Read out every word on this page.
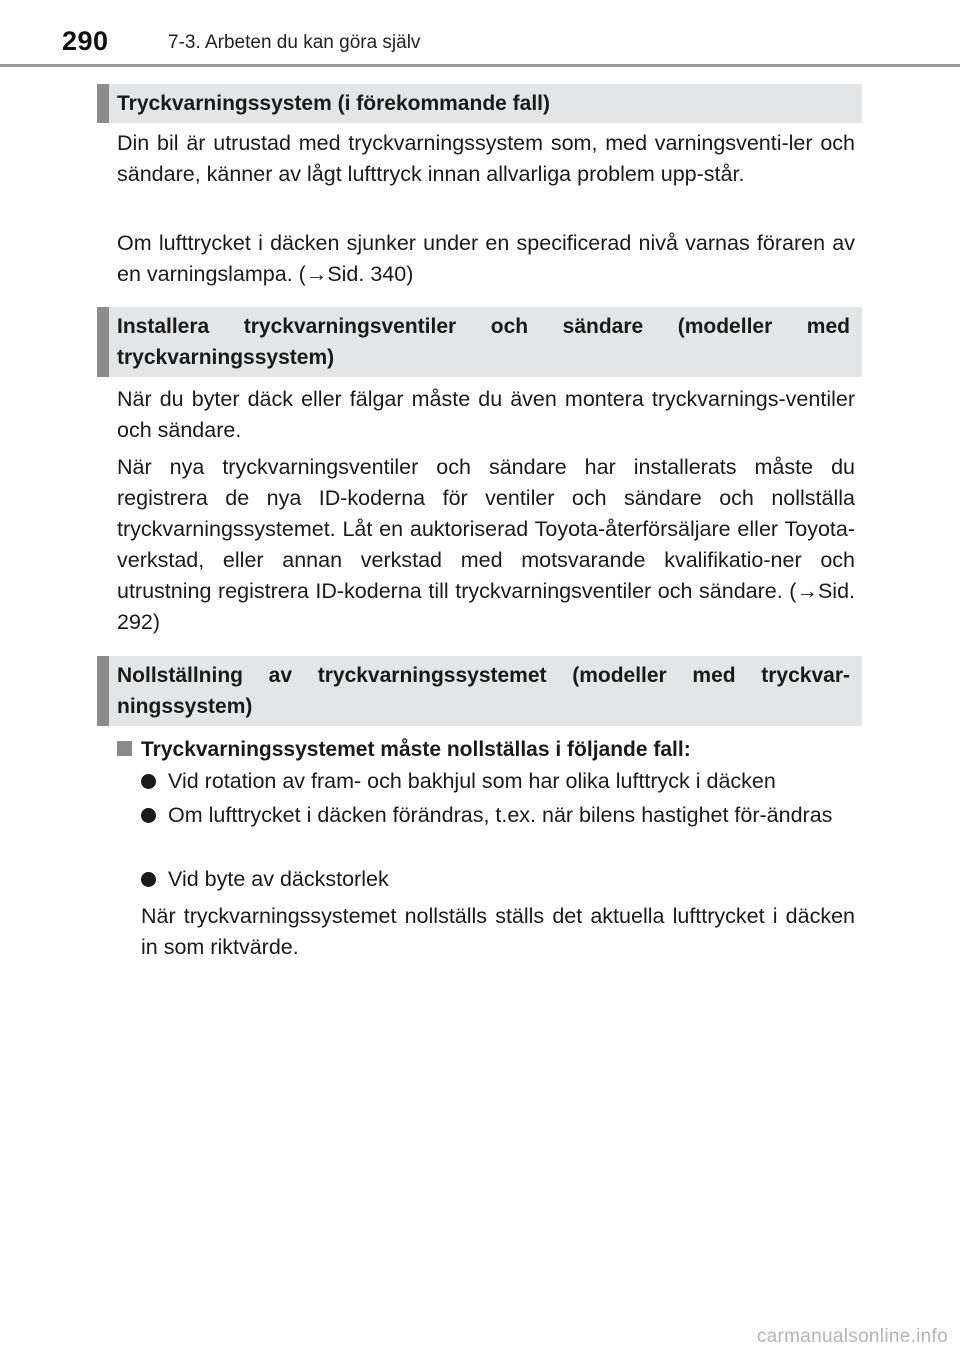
290	7-3. Arbeten du kan göra själv
Tryckvarningssystem (i förekommande fall)

Din bil är utrustad med tryckvarningssystem som, med varningsventi-ler och sändare, känner av lågt lufttryck innan allvarliga problem upp-står.

Om lufttrycket i däcken sjunker under en specificerad nivå varnas föraren av en varningslampa. (→Sid. 340)

Installera tryckvarningsventiler och sändare (modeller med tryckvarningssystem)

När du byter däck eller fälgar måste du även montera tryckvarnings-ventiler och sändare.

När nya tryckvarningsventiler och sändare har installerats måste du registrera de nya ID-koderna för ventiler och sändare och nollställa tryckvarningssystemet. Låt en auktoriserad Toyota-återförsäljare eller Toyota-verkstad, eller annan verkstad med motsvarande kvalifikatio-ner och utrustning registrera ID-koderna till tryckvarningsventiler och sändare. (→Sid. 292)

Nollställning av tryckvarningssystemet (modeller med tryckvar-ningssystem)
Tryckvarningssystemet måste nollställas i följande fall:
Vid rotation av fram- och bakhjul som har olika lufttryck i däcken
Om lufttrycket i däcken förändras, t.ex. när bilens hastighet för-ändras
Vid byte av däckstorlek

När tryckvarningssystemet nollställs ställs det aktuella lufttrycket i däcken in som riktvärde.

carmanualsonline.info
